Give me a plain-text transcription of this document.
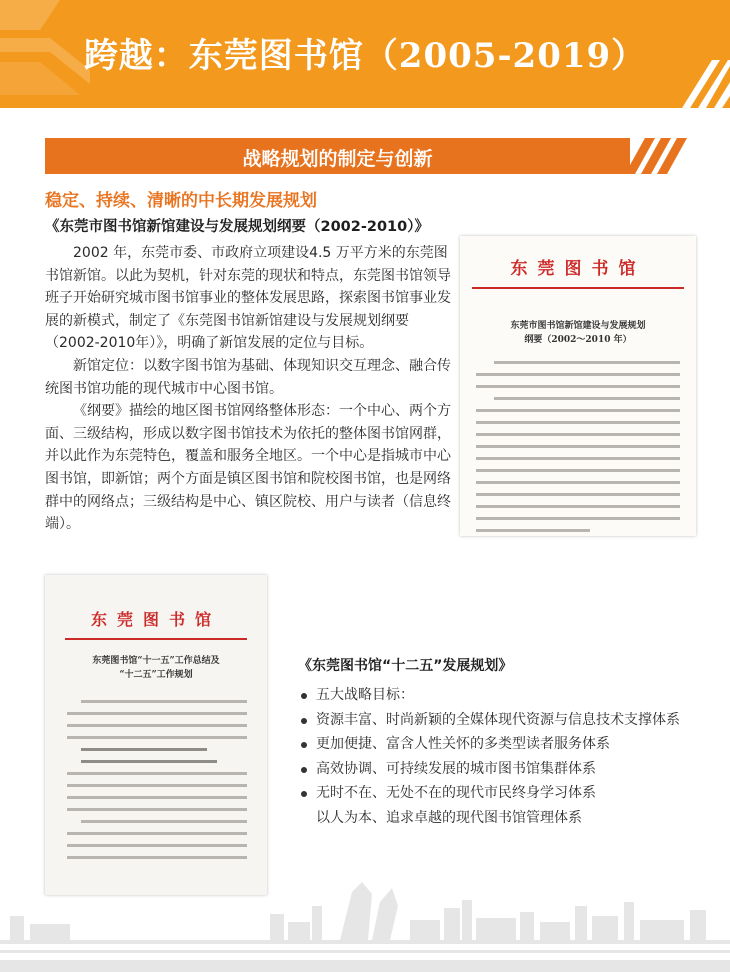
跨越：东莞图书馆（2005-2019）
战略规划的制定与创新
稳定、持续、清晰的中长期发展规划
《东莞市图书馆新馆建设与发展规划纲要（2002-2010）》

2002 年，东莞市委、市政府立项建设4.5 万平方米的东莞图书馆新馆。以此为契机，针对东莞的现状和特点，东莞图书馆领导班子开始研究城市图书馆事业的整体发展思路，探索图书馆事业发展的新模式，制定了《东莞图书馆新馆建设与发展规划纲要（2002-2010年）》，明确了新馆发展的定位与目标。

新馆定位：以数字图书馆为基础、体现知识交互理念、融合传统图书馆功能的现代城市中心图书馆。

《纲要》描绘的地区图书馆网络整体形态：一个中心、两个方面、三级结构，形成以数字图书馆技术为依托的整体图书馆网群，并以此作为东莞特色，覆盖和服务全地区。一个中心是指城市中心图书馆，即新馆；两个方面是镇区图书馆和院校图书馆，也是网络群中的网络点；三级结构是中心、镇区院校、用户与读者（信息终端）。

东莞图书馆
东莞市图书馆新馆建设与发展规划
纲要（2002～2010 年）
东莞图书馆
东莞图书馆“十一五”工作总结及
“十二五”工作规划
《东莞图书馆“十二五”发展规划》
五大战略目标：
资源丰富、时尚新颖的全媒体现代资源与信息技术支撑体系
更加便捷、富含人性关怀的多类型读者服务体系
高效协调、可持续发展的城市图书馆集群体系
无时不在、无处不在的现代市民终身学习体系
以人为本、追求卓越的现代图书馆管理体系
